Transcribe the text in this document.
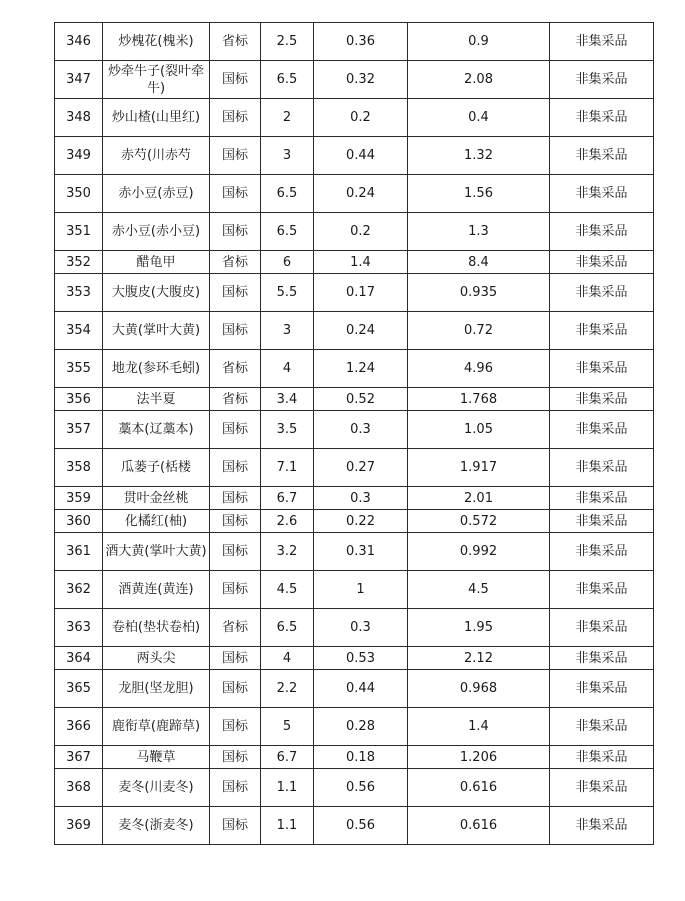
346	炒槐花(槐米)	省标	2.5	0.36	0.9	非集采品
347	炒牵牛子(裂叶牵牛)	国标	6.5	0.32	2.08	非集采品
348	炒山楂(山里红)	国标	2	0.2	0.4	非集采品
349	赤芍(川赤芍	国标	3	0.44	1.32	非集采品
350	赤小豆(赤豆)	国标	6.5	0.24	1.56	非集采品
351	赤小豆(赤小豆)	国标	6.5	0.2	1.3	非集采品
352	醋龟甲	省标	6	1.4	8.4	非集采品
353	大腹皮(大腹皮)	国标	5.5	0.17	0.935	非集采品
354	大黄(掌叶大黄)	国标	3	0.24	0.72	非集采品
355	地龙(参环毛蚓)	省标	4	1.24	4.96	非集采品
356	法半夏	省标	3.4	0.52	1.768	非集采品
357	藁本(辽藁本)	国标	3.5	0.3	1.05	非集采品
358	瓜蒌子(栝楼	国标	7.1	0.27	1.917	非集采品
359	贯叶金丝桃	国标	6.7	0.3	2.01	非集采品
360	化橘红(柚)	国标	2.6	0.22	0.572	非集采品
361	酒大黄(掌叶大黄)	国标	3.2	0.31	0.992	非集采品
362	酒黄连(黄连)	国标	4.5	1	4.5	非集采品
363	卷柏(垫状卷柏)	省标	6.5	0.3	1.95	非集采品
364	两头尖	国标	4	0.53	2.12	非集采品
365	龙胆(坚龙胆)	国标	2.2	0.44	0.968	非集采品
366	鹿衔草(鹿蹄草)	国标	5	0.28	1.4	非集采品
367	马鞭草	国标	6.7	0.18	1.206	非集采品
368	麦冬(川麦冬)	国标	1.1	0.56	0.616	非集采品
369	麦冬(浙麦冬)	国标	1.1	0.56	0.616	非集采品
